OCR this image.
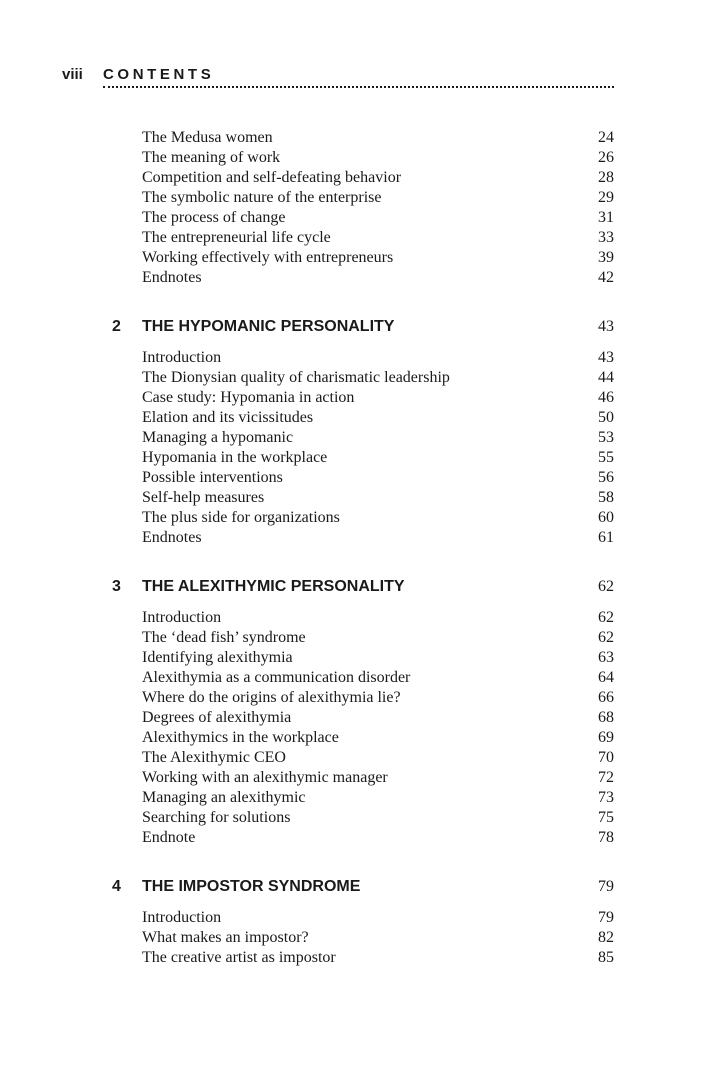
viii CONTENTS
The Medusa women	24
The meaning of work	26
Competition and self-defeating behavior	28
The symbolic nature of the enterprise	29
The process of change	31
The entrepreneurial life cycle	33
Working effectively with entrepreneurs	39
Endnotes	42
2 THE HYPOMANIC PERSONALITY	43
Introduction	43
The Dionysian quality of charismatic leadership	44
Case study: Hypomania in action	46
Elation and its vicissitudes	50
Managing a hypomanic	53
Hypomania in the workplace	55
Possible interventions	56
Self-help measures	58
The plus side for organizations	60
Endnotes	61
3 THE ALEXITHYMIC PERSONALITY	62
Introduction	62
The ‘dead fish’ syndrome	62
Identifying alexithymia	63
Alexithymia as a communication disorder	64
Where do the origins of alexithymia lie?	66
Degrees of alexithymia	68
Alexithymics in the workplace	69
The Alexithymic CEO	70
Working with an alexithymic manager	72
Managing an alexithymic	73
Searching for solutions	75
Endnote	78
4 THE IMPOSTOR SYNDROME	79
Introduction	79
What makes an impostor?	82
The creative artist as impostor	85
